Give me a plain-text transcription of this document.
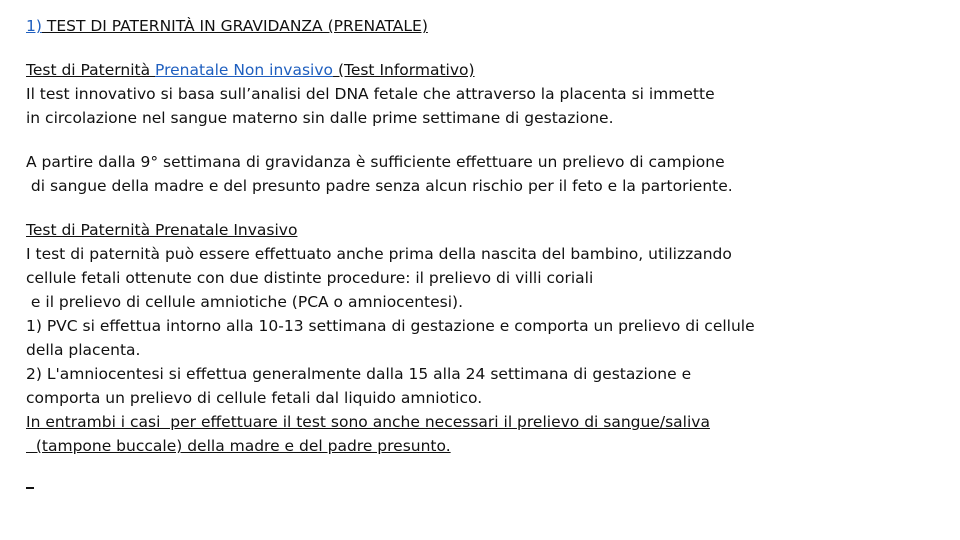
1) TEST DI PATERNITÀ IN GRAVIDANZA (PRENATALE)
Test di Paternità Prenatale Non invasivo (Test Informativo)
Il test innovativo si basa sull’analisi del DNA fetale che attraverso la placenta si immette
in circolazione nel sangue materno sin dalle prime settimane di gestazione.
A partire dalla 9° settimana di gravidanza è sufficiente effettuare un prelievo di campione
di sangue della madre e del presunto padre senza alcun rischio per il feto e la partoriente.
Test di Paternità Prenatale Invasivo
I test di paternità può essere effettuato anche prima della nascita del bambino, utilizzando
cellule fetali ottenute con due distinte procedure: il prelievo di villi coriali
e il prelievo di cellule amniotiche (PCA o amniocentesi).
1) PVC si effettua intorno alla 10-13 settimana di gestazione e comporta un prelievo di cellule
della placenta.
2) L'amniocentesi si effettua generalmente dalla 15 alla 24 settimana di gestazione e
comporta un prelievo di cellule fetali dal liquido amniotico.
In entrambi i casi  per effettuare il test sono anche necessari il prelievo di sangue/saliva
(tampone buccale) della madre e del padre presunto.
